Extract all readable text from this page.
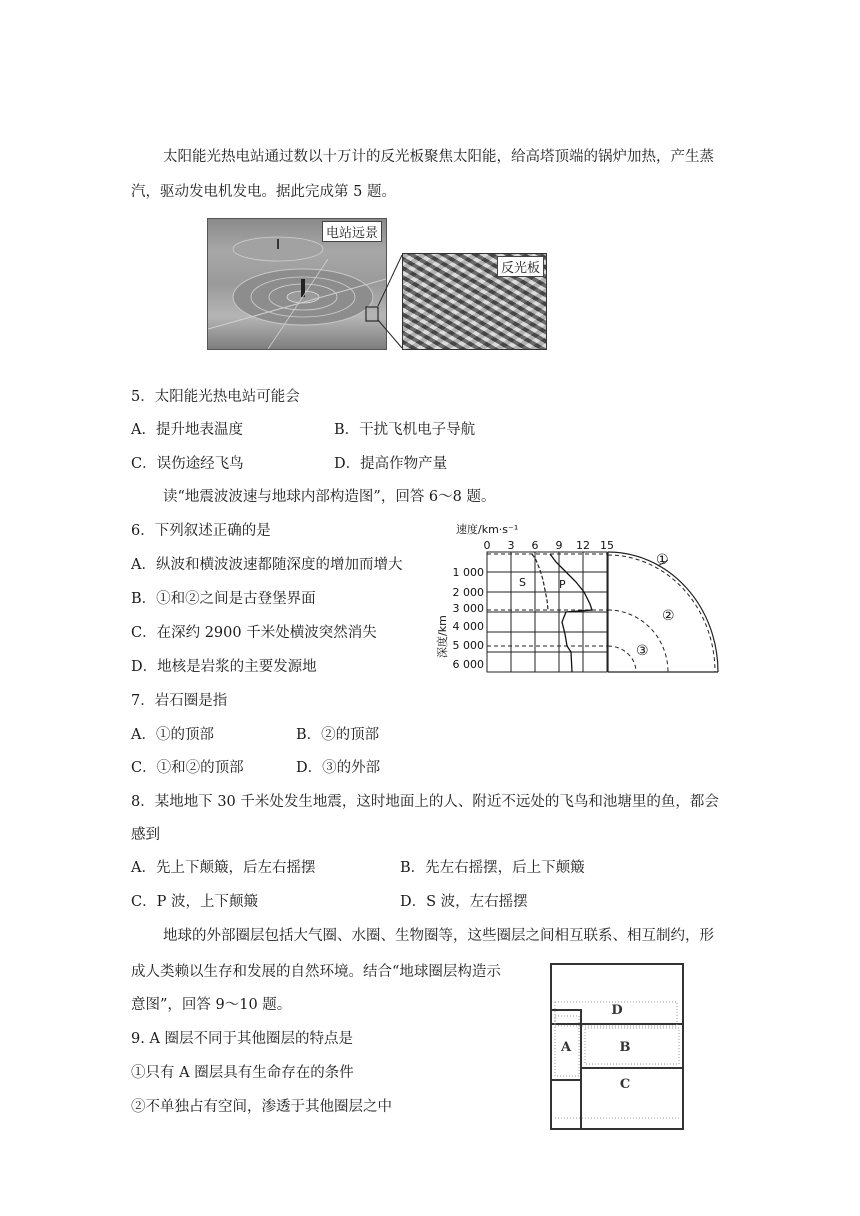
太阳能光热电站通过数以十万计的反光板聚焦太阳能，给高塔顶端的锅炉加热，产生蒸
汽，驱动发电机发电。据此完成第 5 题。
电站远景
反光板
5．太阳能光热电站可能会
A．提升地表温度	B．干扰飞机电子导航
C．误伤途经飞鸟	D．提高作物产量
读“地震波波速与地球内部构造图”，回答 6～8 题。
6．下列叙述正确的是
A．纵波和横波波速都随深度的增加而增大
B．①和②之间是古登堡界面
C．在深约 2900 千米处横波突然消失
D．地核是岩浆的主要发源地
速度/km·s⁻¹
0 3 6 9 12 15
S	P
1 000
2 000
3 000
4 000
5 000
6 000
深度/km
①
②
③
7．岩石圈是指
A．①的顶部	B．②的顶部
C．①和②的顶部	D．③的外部
8．某地地下 30 千米处发生地震，这时地面上的人、附近不远处的飞鸟和池塘里的鱼，都会
感到
A．先上下颠簸，后左右摇摆	B．先左右摇摆，后上下颠簸
C．P 波，上下颠簸	D．S 波，左右摇摆
地球的外部圈层包括大气圈、水圈、生物圈等，这些圈层之间相互联系、相互制约，形
成人类赖以生存和发展的自然环境。结合“地球圈层构造示
意图”，回答 9～10 题。
9. A 圈层不同于其他圈层的特点是
①只有 A 圈层具有生命存在的条件
②不单独占有空间，渗透于其他圈层之中
D
A	B
C
